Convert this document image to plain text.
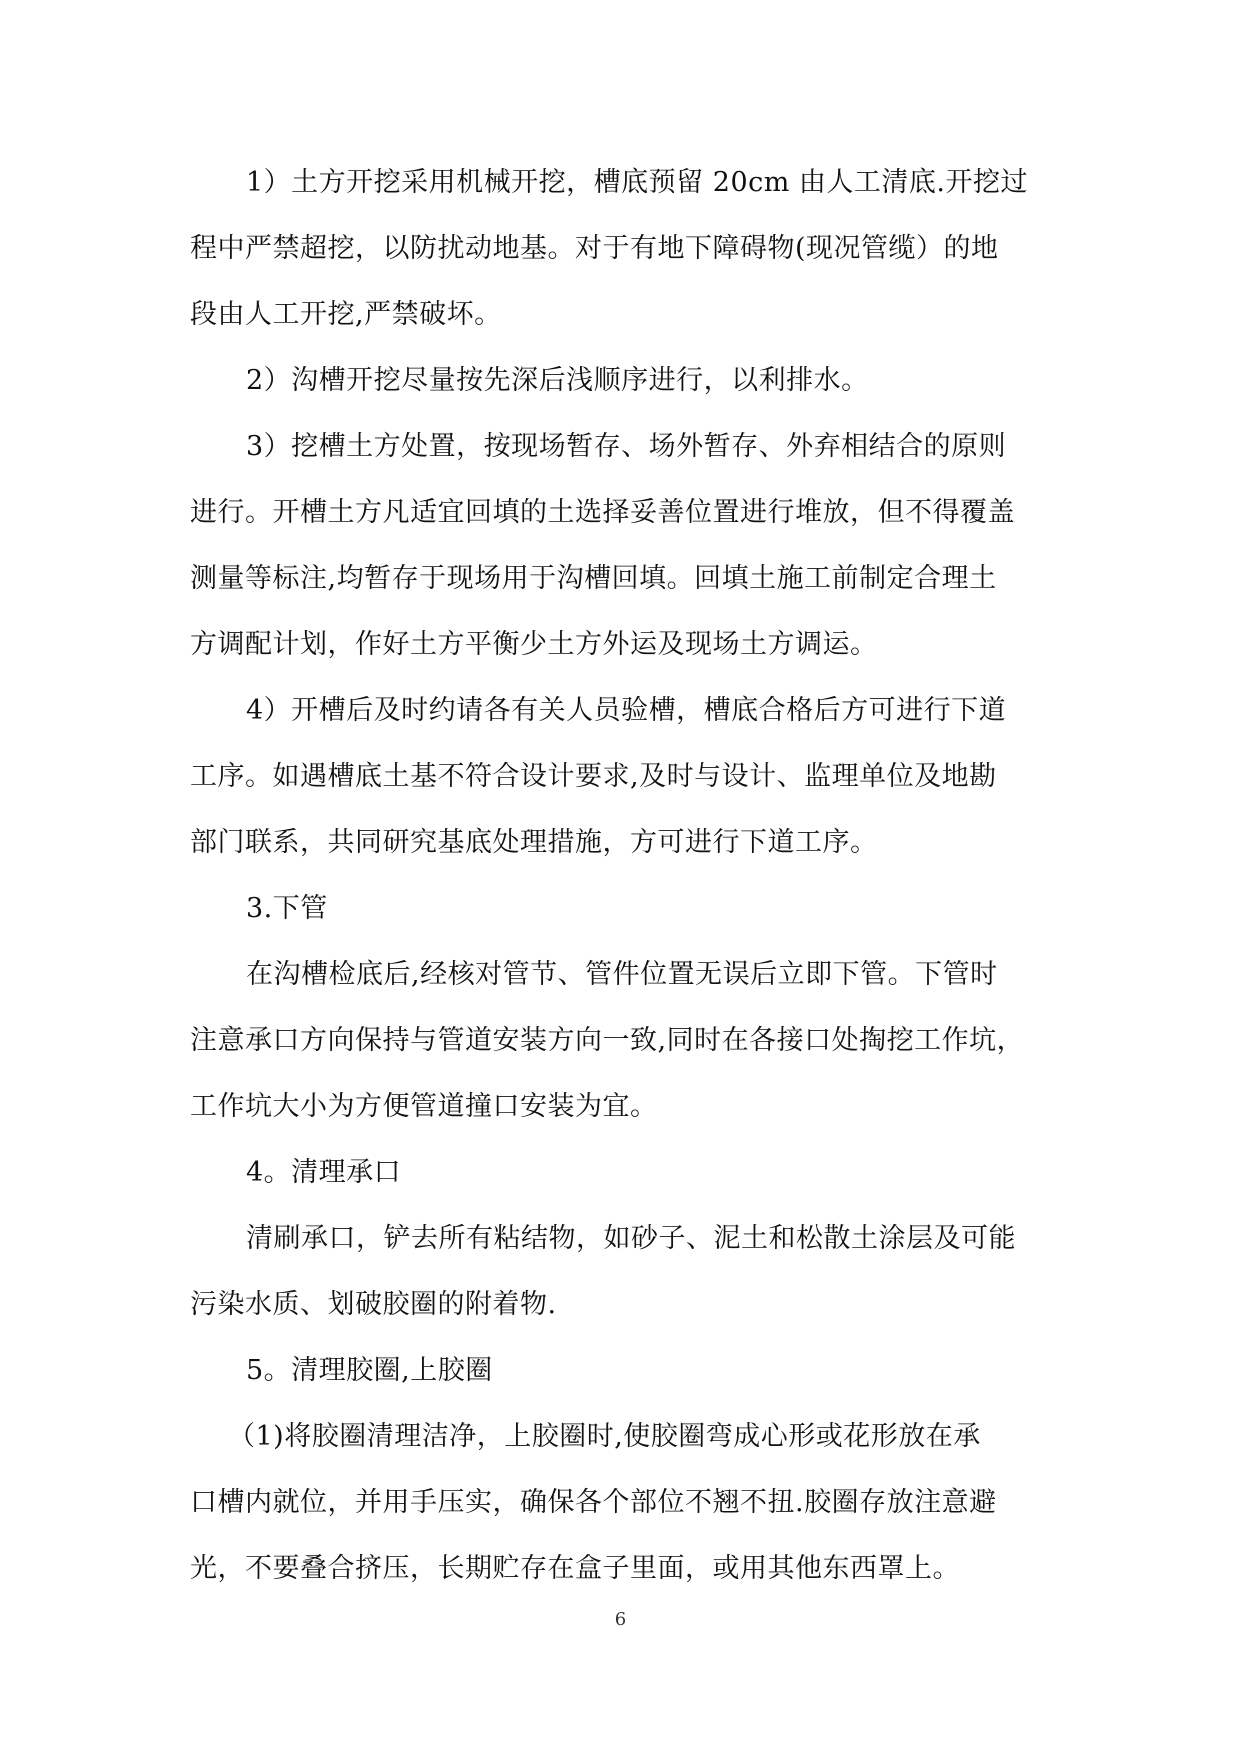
1）土方开挖采用机械开挖，槽底预留 20cm 由人工清底.开挖过
程中严禁超挖，以防扰动地基。对于有地下障碍物(现况管缆）的地
段由人工开挖,严禁破坏。

2）沟槽开挖尽量按先深后浅顺序进行，以利排水。

3）挖槽土方处置，按现场暂存、场外暂存、外弃相结合的原则
进行。开槽土方凡适宜回填的土选择妥善位置进行堆放，但不得覆盖
测量等标注,均暂存于现场用于沟槽回填。回填土施工前制定合理土
方调配计划，作好土方平衡少土方外运及现场土方调运。

4）开槽后及时约请各有关人员验槽，槽底合格后方可进行下道
工序。如遇槽底土基不符合设计要求,及时与设计、监理单位及地勘
部门联系，共同研究基底处理措施，方可进行下道工序。

3.下管

在沟槽检底后,经核对管节、管件位置无误后立即下管。下管时
注意承口方向保持与管道安装方向一致,同时在各接口处掏挖工作坑，
工作坑大小为方便管道撞口安装为宜。

4。清理承口

清刷承口，铲去所有粘结物，如砂子、泥土和松散土涂层及可能
污染水质、划破胶圈的附着物.

5。清理胶圈,上胶圈

（1)将胶圈清理洁净，上胶圈时,使胶圈弯成心形或花形放在承
口槽内就位，并用手压实，确保各个部位不翘不扭.胶圈存放注意避
光，不要叠合挤压，长期贮存在盒子里面，或用其他东西罩上。

6
